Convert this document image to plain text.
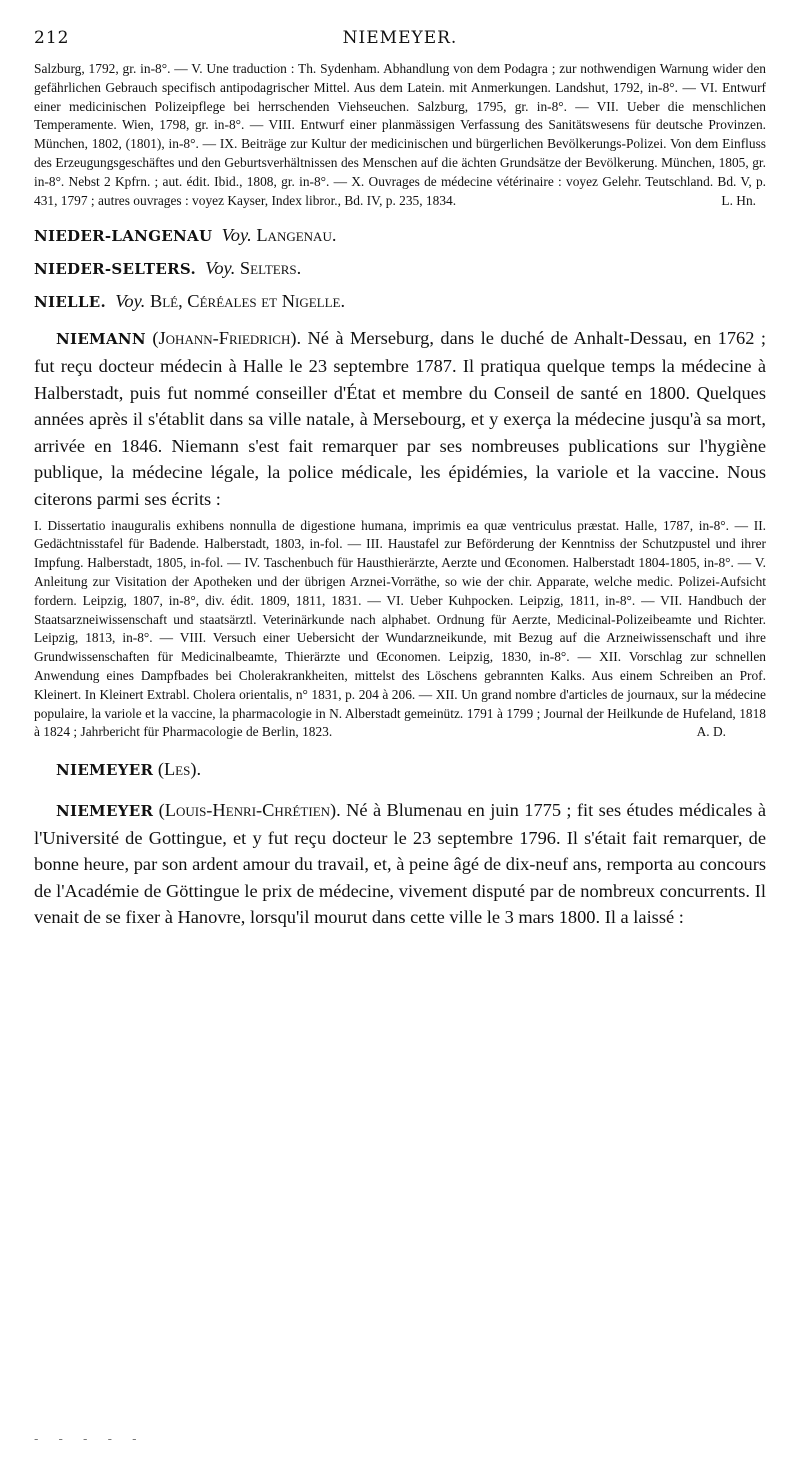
212	NIEMEYER.

Salzburg, 1792, gr. in-8°. — V. Une traduction : Th. Sydenham. Abhandlung von dem Podagra ; zur nothwendigen Warnung wider den gefährlichen Gebrauch specifisch antipodagrischer Mittel. Aus dem Latein. mit Anmerkungen. Landshut, 1792, in-8°. — VI. Entwurf einer medicinischen Polizeipflege bei herrschenden Viehseuchen. Salzburg, 1795, gr. in-8°. — VII. Ueber die menschlichen Temperamente. Wien, 1798, gr. in-8°. — VIII. Entwurf einer planmässigen Verfassung des Sanitätswesens für deutsche Provinzen. München, 1802, (1801), in-8°. — IX. Beiträge zur Kultur der medicinischen und bürgerlichen Bevölkerungs-Polizei. Von dem Einfluss des Erzeugungsgeschäftes und den Geburtsverhältnissen des Menschen auf die ächten Grundsätze der Bevölkerung. München, 1805, gr. in-8°. Nebst 2 Kpfrn. ; aut. édit. Ibid., 1808, gr. in-8°. — X. Ouvrages de médecine vétérinaire : voyez Gelehr. Teutschland. Bd. V, p. 431, 1797 ; autres ouvrages : voyez Kayser, Index libror., Bd. IV, p. 235, 1834.	L. Hn.

NIEDER-LANGENAU Voy. Langenau.

NIEDER-SELTERS. Voy. Selters.

NIELLE. Voy. Blé, Céréales et Nigelle.

NIEMANN (Johann-Friedrich). Né à Merseburg, dans le duché de Anhalt-Dessau, en 1762 ; fut reçu docteur médecin à Halle le 23 septembre 1787. Il pratiqua quelque temps la médecine à Halberstadt, puis fut nommé conseiller d'État et membre du Conseil de santé en 1800. Quelques années après il s'établit dans sa ville natale, à Mersebourg, et y exerça la médecine jusqu'à sa mort, arrivée en 1846. Niemann s'est fait remarquer par ses nombreuses publications sur l'hygiène publique, la médecine légale, la police médicale, les épidémies, la variole et la vaccine. Nous citerons parmi ses écrits :

I. Dissertatio inauguralis exhibens nonnulla de digestione humana, imprimis ea quæ ventriculus præstat. Halle, 1787, in-8°. — II. Gedächtnisstafel für Badende. Halberstadt, 1803, in-fol. — III. Haustafel zur Beförderung der Kenntniss der Schutzpustel und ihrer Impfung. Halberstadt, 1805, in-fol. — IV. Taschenbuch für Hausthierärzte, Aerzte und Œconomen. Halberstadt 1804-1805, in-8°. — V. Anleitung zur Visitation der Apotheken und der übrigen Arznei-Vorräthe, so wie der chir. Apparate, welche medic. Polizei-Aufsicht fordern. Leipzig, 1807, in-8°, div. édit. 1809, 1811, 1831. — VI. Ueber Kuhpocken. Leipzig, 1811, in-8°. — VII. Handbuch der Staatsarzneiwissenschaft und staatsärztl. Veterinärkunde nach alphabet. Ordnung für Aerzte, Medicinal-Polizeibeamte und Richter. Leipzig, 1813, in-8°. — VIII. Versuch einer Uebersicht der Wundarzneikunde, mit Bezug auf die Arzneiwissenschaft und ihre Grundwissenschaften für Medicinalbeamte, Thierärzte und Œconomen. Leipzig, 1830, in-8°. — XII. Vorschlag zur schnellen Anwendung eines Dampfbades bei Cholerakrankheiten, mittelst des Löschens gebrannten Kalks. Aus einem Schreiben an Prof. Kleinert. In Kleinert Extrabl. Cholera orientalis, n° 1831, p. 204 à 206. — XII. Un grand nombre d'articles de journaux, sur la médecine populaire, la variole et la vaccine, la pharmacologie in N. Alberstadt gemeinütz. 1791 à 1799 ; Journal der Heilkunde de Hufeland, 1818 à 1824 ; Jahrbericht für Pharmacologie de Berlin, 1823.	A. D.

NIEMEYER (Les).

NIEMEYER (Louis-Henri-Chrétien). Né à Blumenau en juin 1775 ; fit ses études médicales à l'Université de Gottingue, et y fut reçu docteur le 23 septembre 1796. Il s'était fait remarquer, de bonne heure, par son ardent amour du travail, et, à peine âgé de dix-neuf ans, remporta au concours de l'Académie de Göttingue le prix de médecine, vivement disputé par de nombreux concurrents. Il venait de se fixer à Hanovre, lorsqu'il mourut dans cette ville le 3 mars 1800. Il a laissé :

- - - - -
